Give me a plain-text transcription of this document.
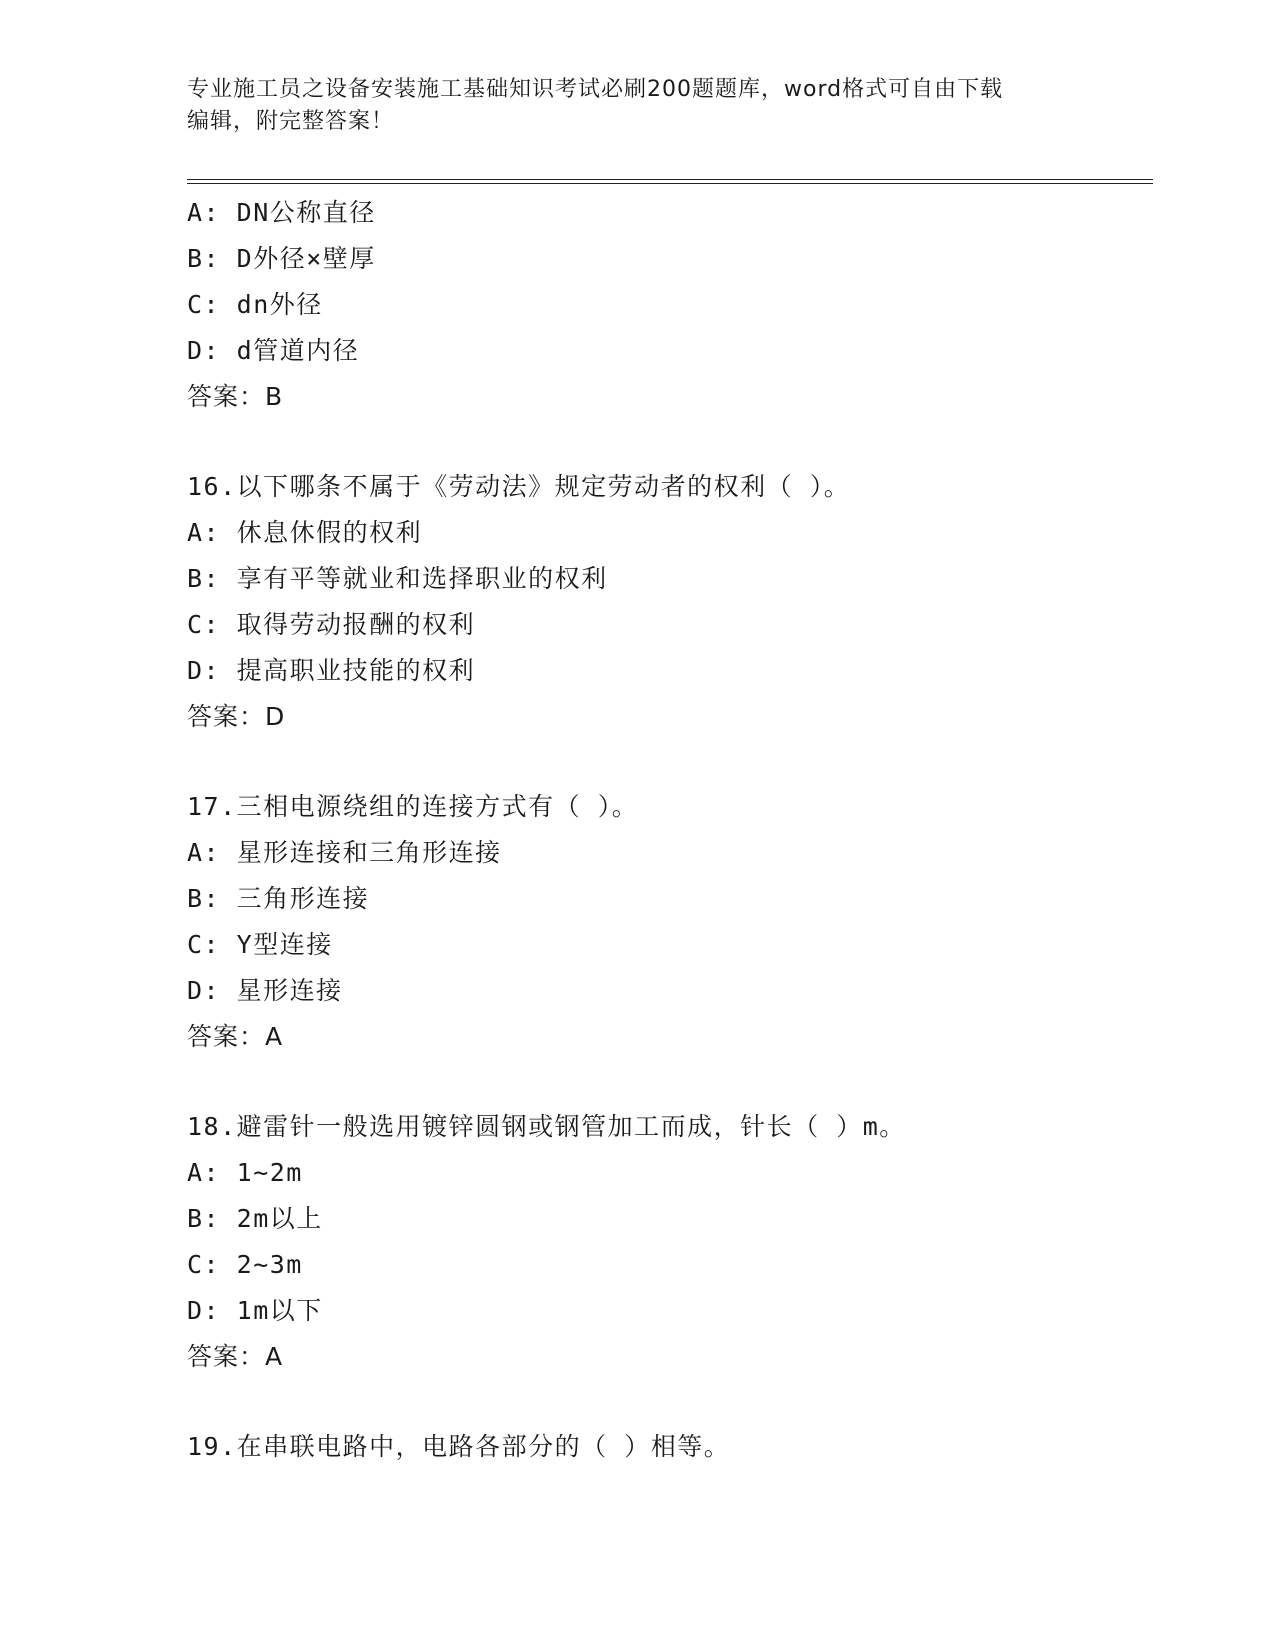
专业施工员之设备安装施工基础知识考试必刷200题题库，word格式可自由下载
编辑，附完整答案！
A: DN公称直径
B: D外径×壁厚
C: dn外径
D: d管道内径
答案：B
16.以下哪条不属于《劳动法》规定劳动者的权利（ ）。
A: 休息休假的权利
B: 享有平等就业和选择职业的权利
C: 取得劳动报酬的权利
D: 提高职业技能的权利
答案：D
17.三相电源绕组的连接方式有（ ）。
A: 星形连接和三角形连接
B: 三角形连接
C: Y型连接
D: 星形连接
答案：A
18.避雷针一般选用镀锌圆钢或钢管加工而成，针长（ ）m。
A: 1~2m
B: 2m以上
C: 2~3m
D: 1m以下
答案：A
19.在串联电路中，电路各部分的（ ）相等。
